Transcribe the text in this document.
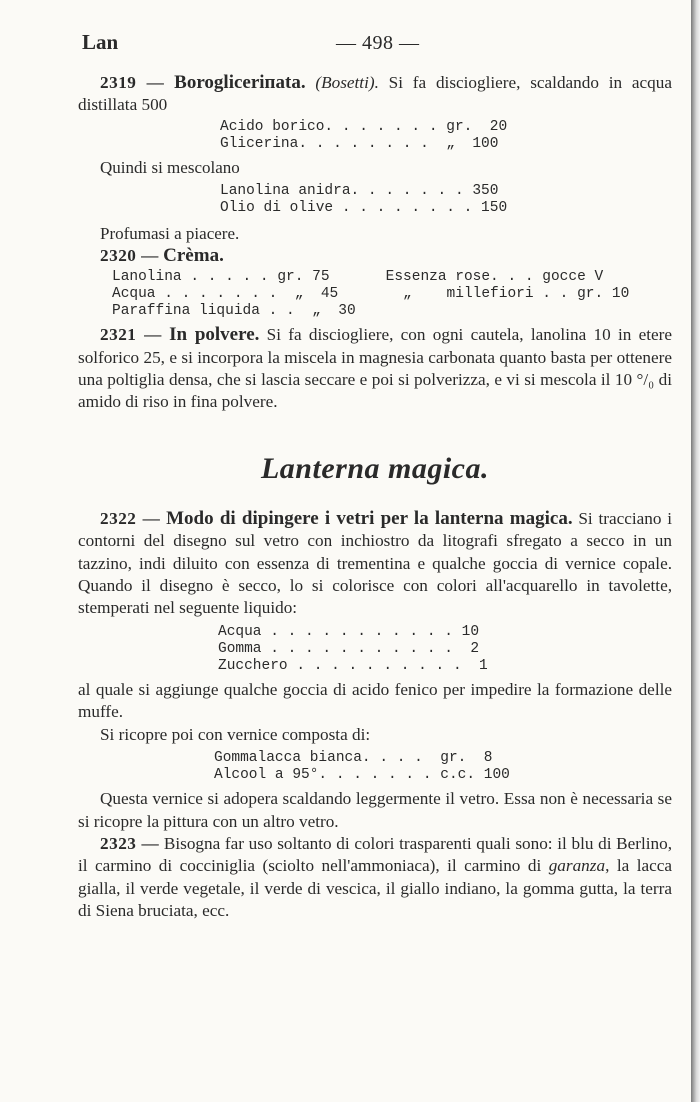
Lan	— 498 —

2319 — Borogliceriпata. (Bosetti). Si fa disciogliere, scaldando in acqua distillata 500

Acido borico. . . . . . . gr.  20
Glicerina. . . . . . . .  „  100

Quindi si mescolano

Lanolina anidra. . . . . . . 350
Olio di olive . . . . . . . . 150

Profumasi a piacere.

2320 — Crèma.

Lanolina . . . . . gr. 75
Acqua . . . . . . .  „  45
Paraffina liquida . .  „  30
Essenza rose. . . gocce V
„    millefiori . . gr. 10

2321 — In polvere. Si fa disciogliere, con ogni cautela, lanolina 10 in etere solforico 25, e si incorpora la miscela in magnesia carbonata quanto basta per ottenere una poltiglia densa, che si lascia seccare e poi si polverizza, e vi si mescola il 10 °/₀ di amido di riso in fina polvere.

Lanterna magica.

2322 — Modo di dipingere i vetri per la lanterna magica. Si tracciano i contorni del disegno sul vetro con inchiostro da litografi sfregato a secco in un tazzino, indi diluito con essenza di trementina e qualche goccia di vernice copale. Quando il disegno è secco, lo si colorisce con colori all'acquarello in tavolette, stemperati nel seguente liquido:

Acqua . . . . . . . . . . . 10
Gomma . . . . . . . . . . .  2
Zucchero . . . . . . . . . .  1

al quale si aggiunge qualche goccia di acido fenico per impedire la formazione delle muffe.

Si ricopre poi con vernice composta di:

Gommalacca bianca. . . .  gr.  8
Alcool a 95°. . . . . . . c.c. 100

Questa vernice si adopera scaldando leggermente il vetro. Essa non è necessaria se si ricopre la pittura con un altro vetro.

2323 — Bisogna far uso soltanto di colori trasparenti quali sono: il blu di Berlino, il carmino di cocciniglia (sciolto nell'ammoniaca), il carmino di garanza, la lacca gialla, il verde vegetale, il verde di vescica, il giallo indiano, la gomma gutta, la terra di Siena bruciata, ecc.
